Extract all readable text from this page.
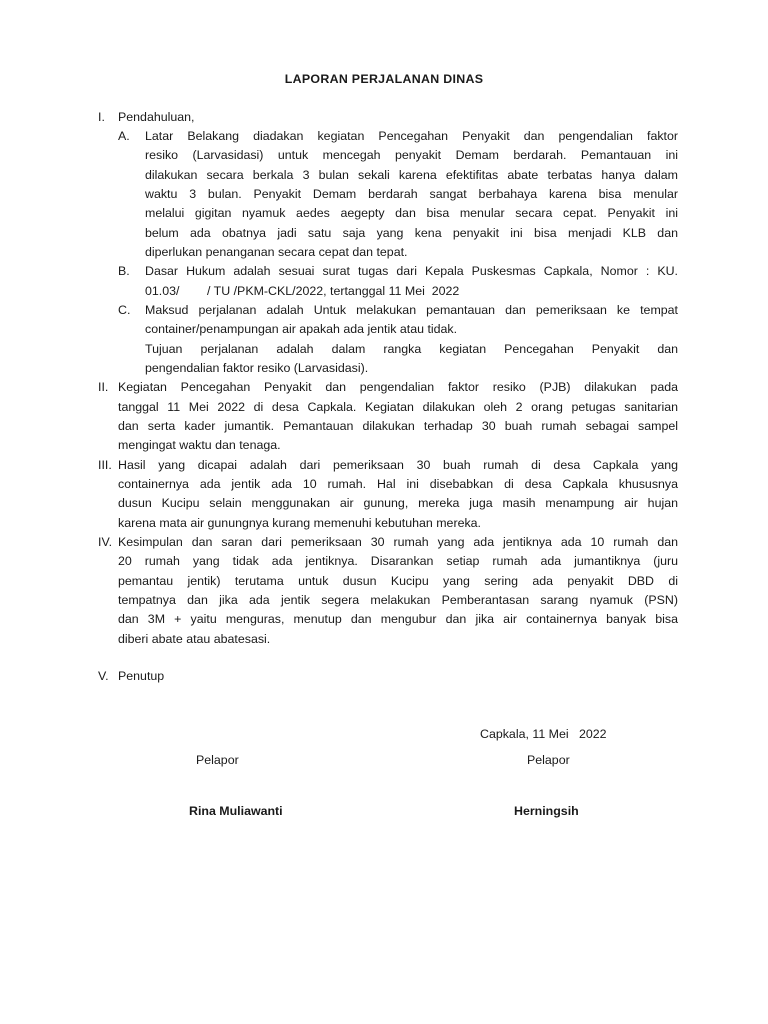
LAPORAN PERJALANAN DINAS
I. Pendahuluan,
A. Latar Belakang diadakan kegiatan Pencegahan Penyakit dan pengendalian faktor
resiko (Larvasidasi) untuk mencegah penyakit Demam berdarah. Pemantauan ini
dilakukan secara berkala 3 bulan sekali karena efektifitas abate terbatas hanya dalam
waktu 3 bulan. Penyakit Demam berdarah sangat berbahaya karena bisa menular
melalui gigitan nyamuk aedes aegepty dan bisa menular secara cepat. Penyakit ini
belum ada obatnya jadi satu saja yang kena penyakit ini bisa menjadi KLB dan
diperlukan penanganan secara cepat dan tepat.
B. Dasar Hukum adalah sesuai surat tugas dari Kepala Puskesmas Capkala, Nomor : KU.
01.03/        / TU /PKM-CKL/2022, tertanggal 11 Mei  2022
C. Maksud perjalanan adalah Untuk melakukan pemantauan dan pemeriksaan ke tempat
container/penampungan air apakah ada jentik atau tidak.
Tujuan perjalanan adalah dalam rangka kegiatan Pencegahan Penyakit dan
pengendalian faktor resiko (Larvasidasi).
II. Kegiatan Pencegahan Penyakit dan pengendalian faktor resiko (PJB) dilakukan pada
tanggal 11 Mei 2022 di desa Capkala. Kegiatan dilakukan oleh 2 orang petugas sanitarian
dan serta kader jumantik. Pemantauan dilakukan terhadap 30 buah rumah sebagai sampel
mengingat waktu dan tenaga.
III. Hasil yang dicapai adalah dari pemeriksaan 30 buah rumah di desa Capkala yang
containernya ada jentik ada 10 rumah. Hal ini disebabkan di desa Capkala khususnya
dusun Kucipu selain menggunakan air gunung, mereka juga masih menampung air hujan
karena mata air gunungnya kurang memenuhi kebutuhan mereka.
IV. Kesimpulan dan saran dari pemeriksaan 30 rumah yang ada jentiknya ada 10 rumah dan
20 rumah yang tidak ada jentiknya. Disarankan setiap rumah ada jumantiknya (juru
pemantau jentik) terutama untuk dusun Kucipu yang sering ada penyakit DBD di
tempatnya dan jika ada jentik segera melakukan Pemberantasan sarang nyamuk (PSN)
dan 3M + yaitu menguras, menutup dan mengubur dan jika air containernya banyak bisa
diberi abate atau abatesasi.
V. Penutup
Capkala, 11 Mei   2022
Pelapor	Pelapor
Rina Muliawanti	Herningsih
